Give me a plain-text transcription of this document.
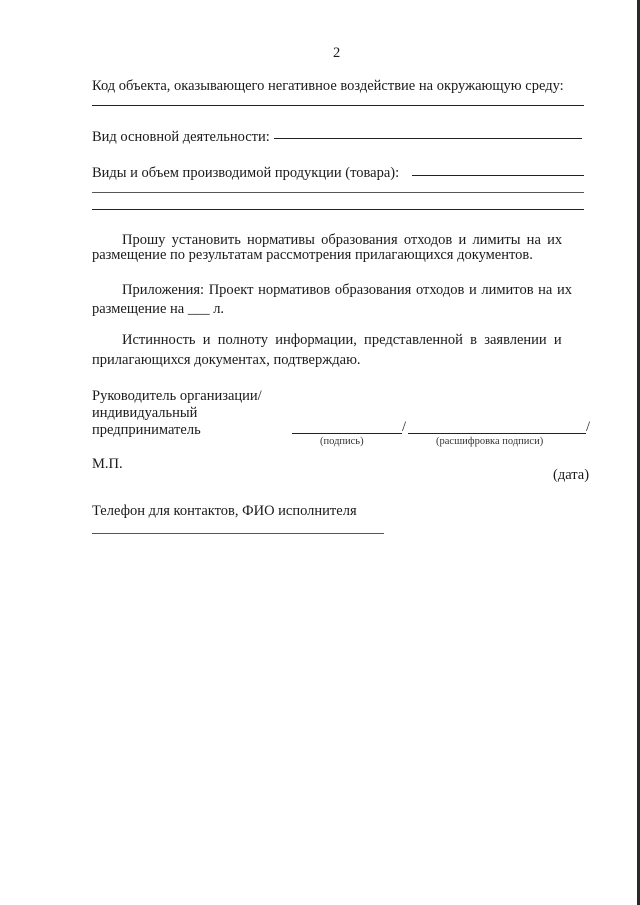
2
Код объекта, оказывающего негативное воздействие на окружающую среду:
Вид основной деятельности:
Виды и объем производимой продукции (товара):
Прошу установить нормативы образования отходов и лимиты на их
размещение по результатам рассмотрения прилагающихся документов.
Приложения: Проект нормативов образования отходов и лимитов на их
размещение на ___ л.
Истинность и полноту информации, представленной в заявлении и
прилагающихся документах, подтверждаю.
Руководитель организации/
индивидуальный
предприниматель	/	/
(подпись)	(расшифровка подписи)
М.П.
(дата)
Телефон для контактов, ФИО исполнителя
